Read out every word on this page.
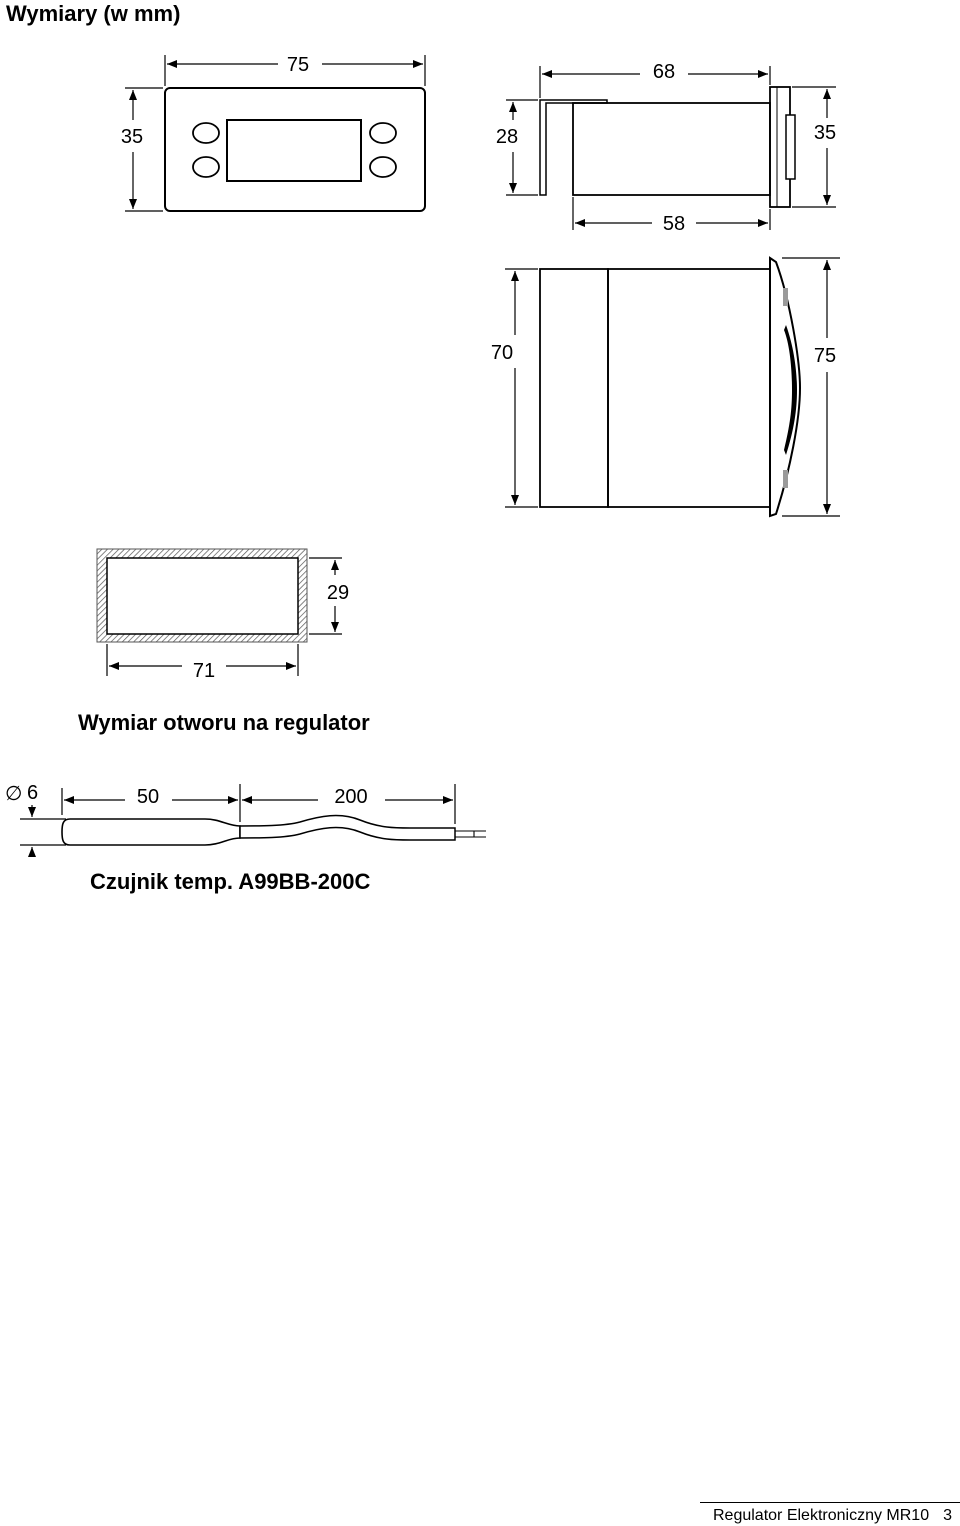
Wymiary (w mm)
75
35
68
28	35
58
70	75
29
71
Wymiar otworu na regulator
∅ 6	50	200
Czujnik temp. A99BB-200C
Regulator Elektroniczny MR10 3
